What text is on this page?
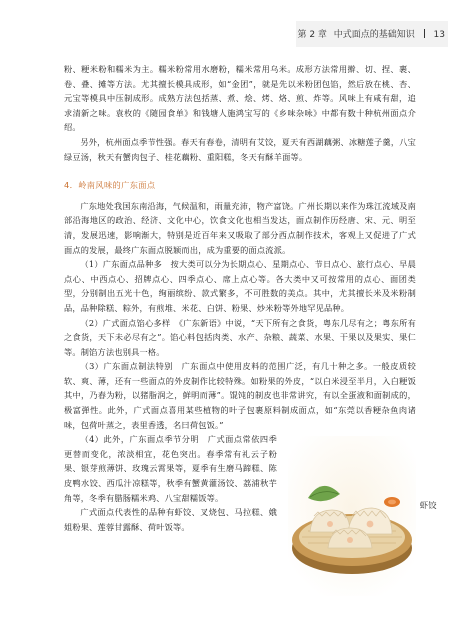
第 2 章 中式面点的基础知识 13

粉、粳米粉和糯米为主。糯米粉常用水磨粉，糯米常用乌米。成形方法常用擀、切、捏、裹、卷、叠、摊等方法。尤其擅长模具成形，如“金团”，就是先以米粉团包馅，然后放在桃、杏、元宝等模具中压制成形。成熟方法包括蒸、煮、烩、烤、烙、煎、炸等。风味上有咸有甜，追求清新之味。袁枚的《随园食单》和钱塘人施鸿宝写的《乡味杂咏》中都有数十种杭州面点介绍。

另外，杭州面点季节性强。春天有春卷，清明有艾饺，夏天有西湖藕粥、冰糖莲子羹，八宝绿豆汤，秋天有蟹肉包子、桂花藕粉、重阳糕，冬天有酥羊面等。

4．岭南风味的广东面点

广东地处我国东南沿海，气候温和，雨量充沛，物产富饶。广州长期以来作为珠江流域及南部沿海地区的政治、经济、文化中心，饮食文化也相当发达，面点制作历经唐、宋、元、明至清，发展迅速，影响渐大，特别是近百年来又吸取了部分西点制作技术，客观上又促进了广式面点的发展，最终广东面点脱颖而出，成为重要的面点流派。

（1）广东面点品种多　按大类可以分为长期点心、星期点心、节日点心、旅行点心、早晨点心、中西点心、招牌点心、四季点心、席上点心等。各大类中又可按常用的点心、面团类型，分别制出五光十色，绚丽缤纷、款式繁多，不可胜数的美点。其中，尤其擅长米及米粉制品，品种除糕、粽外，有煎堆、米花、白饼、粉果、炒米粉等外地罕见品种。

（2）广式面点馅心多样　《广东新语》中说，“天下所有之食货，粤东几尽有之；粤东所有之食货，天下未必尽有之”。馅心料包括肉类、水产、杂粮、蔬菜、水果、干果以及果实、果仁等。制馅方法也别具一格。

（3）广东面点制法特别　广东面点中使用皮料的范围广泛，有几十种之多。一般皮质较软、爽、薄，还有一些面点的外皮制作比较特殊。如粉果的外皮，“以白米浸至半月，入白粳饭其中，乃舂为粉，以猪脂润之，鲜明而薄”。馄饨的制皮也非常讲究，有以全蛋液和面制成的，极富弹性。此外，广式面点喜用某些植物的叶子包裹原料制成面点，如“东莞以香粳杂鱼肉诸味，包荷叶蒸之，表里香透，名曰荷包饭。”

（4）此外，广东面点季节分明　广式面点常依四季更替而变化，浓淡相宜，花色突出。春季常有礼云子粉果、银芽煎薄饼、玫瑰云霄果等，夏季有生磨马蹄糕、陈皮鸭水饺、西瓜汁凉糕等，秋季有蟹黄灌汤饺、荔浦秋芋角等，冬季有腊肠糯米鸡、八宝甜糯饭等。

广式面点代表性的品种有虾饺、叉烧包、马拉糕、娥姐粉果、莲蓉甘露酥、荷叶饭等。

虾饺
